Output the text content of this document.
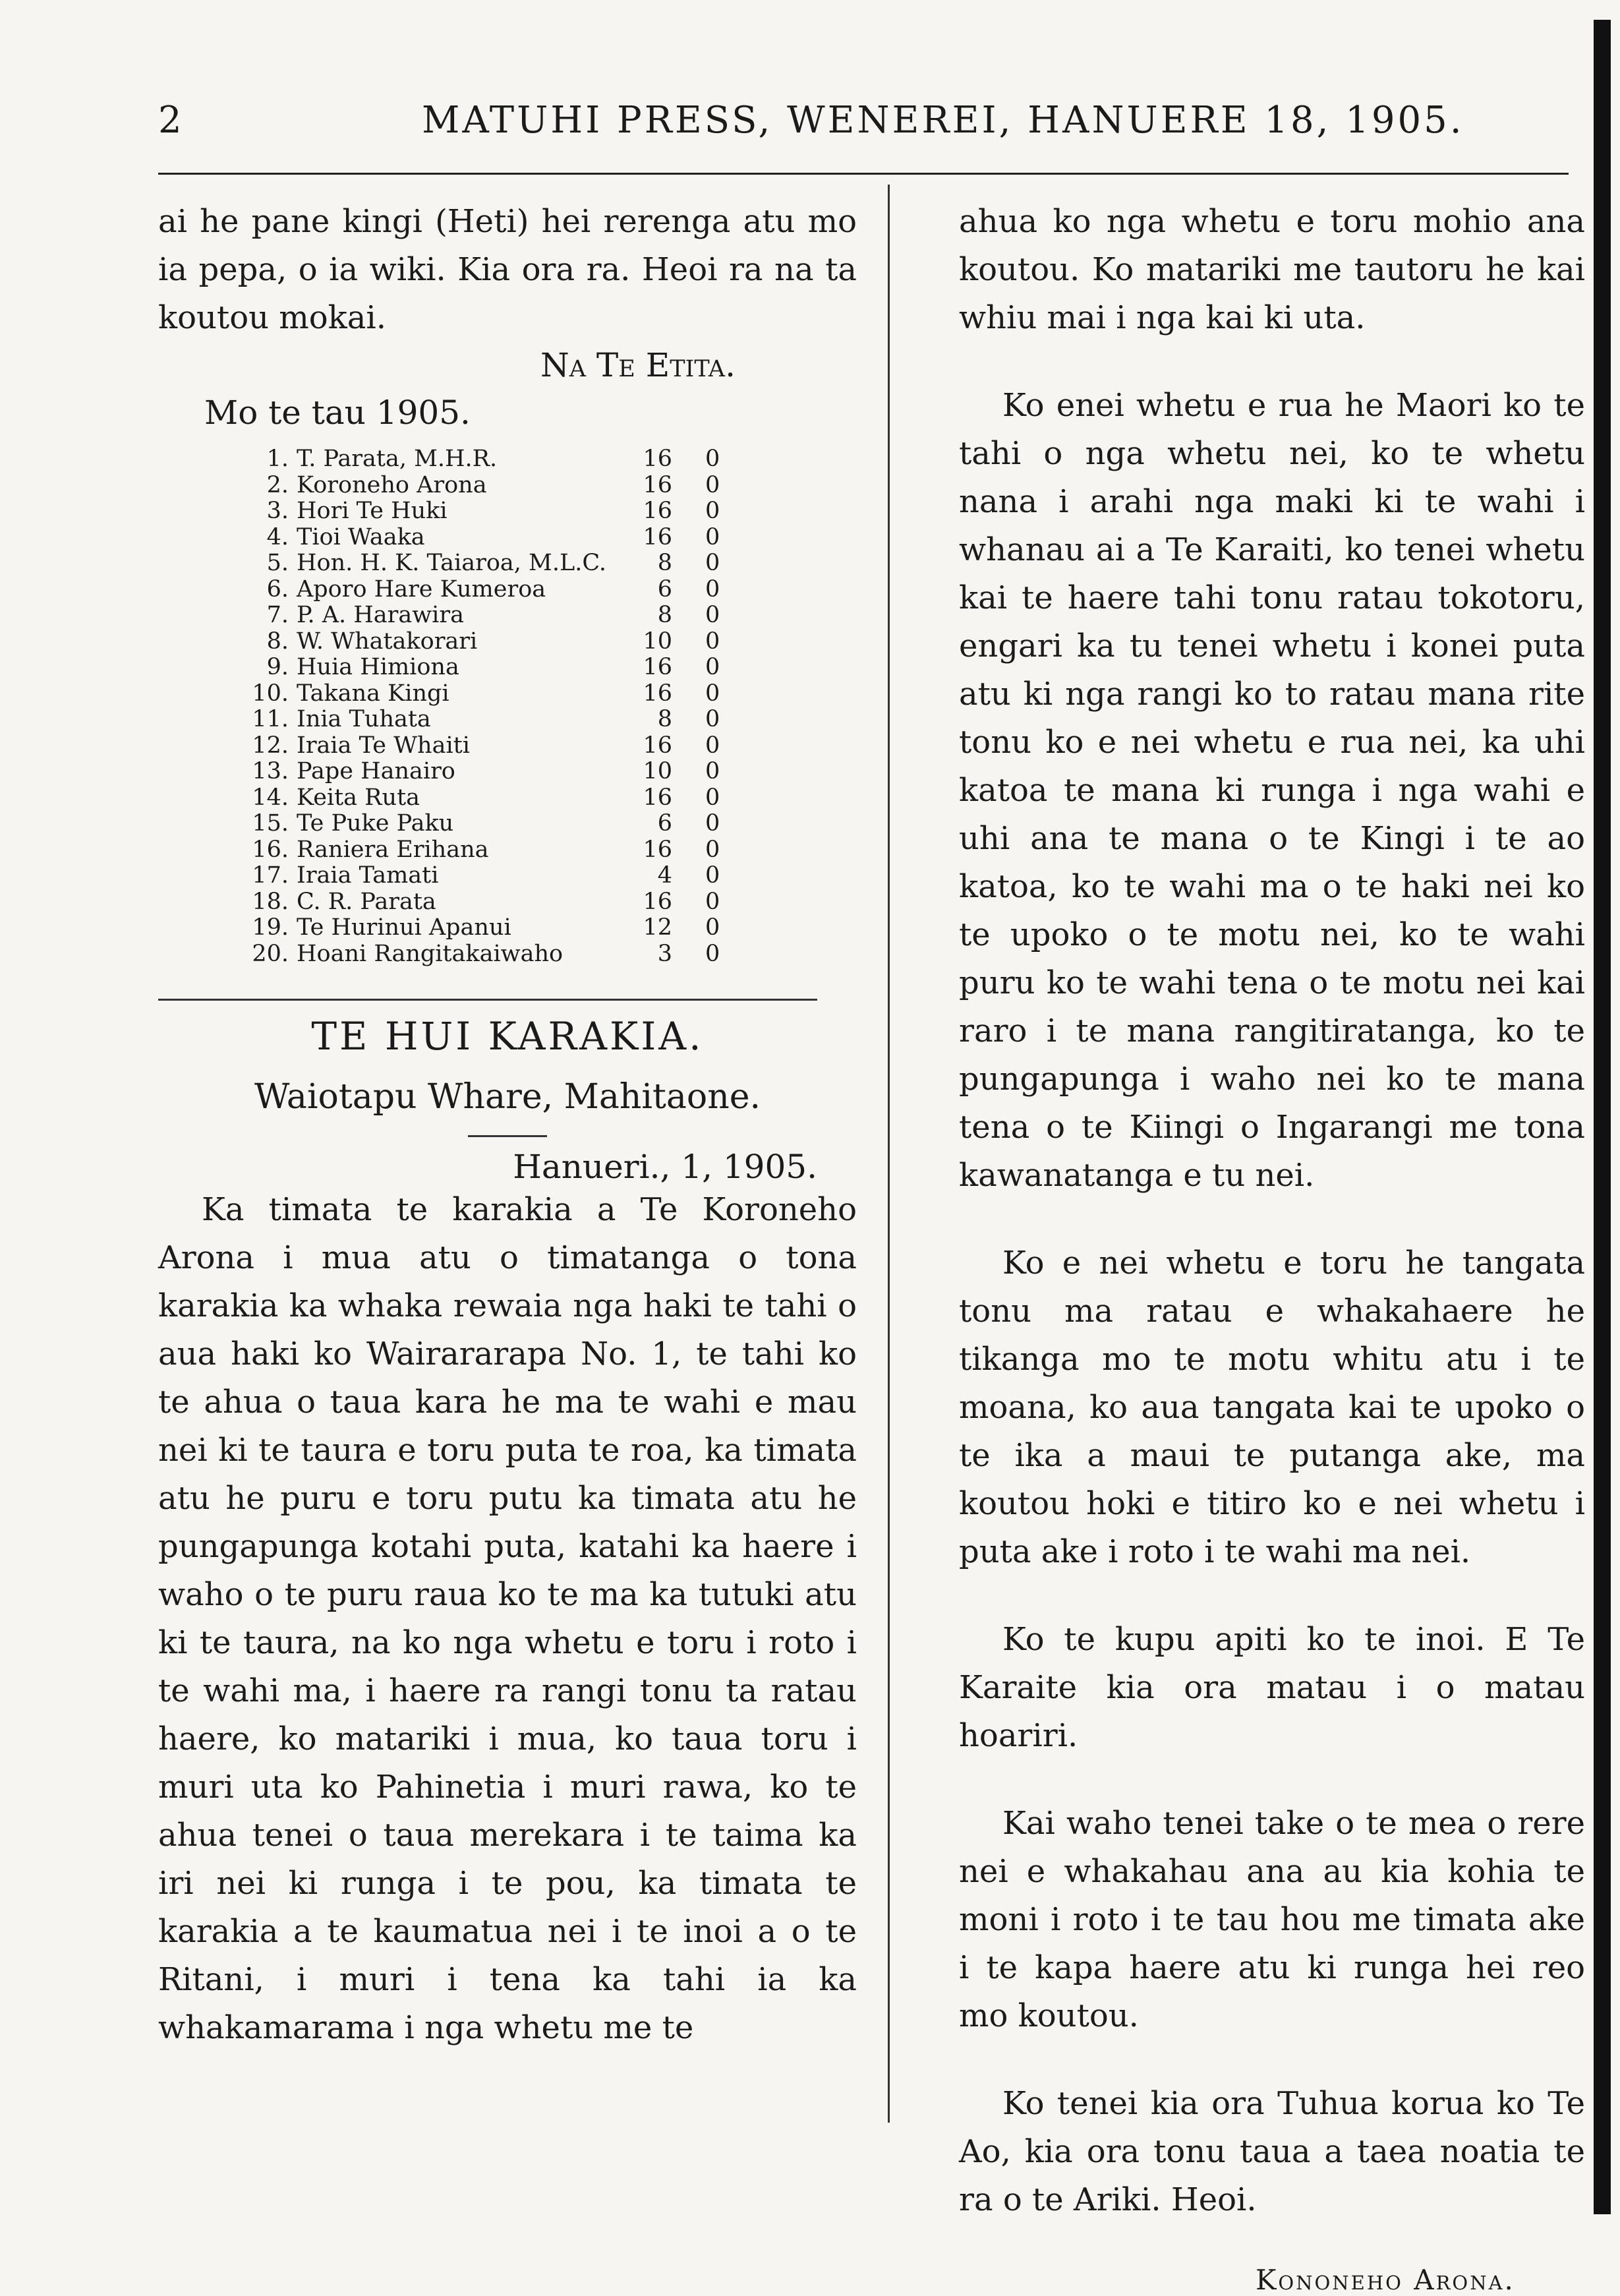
2	MATUHI PRESS, WENEREI, HANUERE 18, 1905.

ai he pane kingi (Heti) hei rerenga atu mo ia pepa, o ia wiki. Kia ora ra. Heoi ra na ta koutou mokai.

Na Te Etita.
Mo te tau 1905.
1. T. Parata, M.H.R.	16 0
2. Koroneho Arona	16 0
3. Hori Te Huki	16 0
4. Tioi Waaka	16 0
5. Hon. H. K. Taiaroa, M.L.C.	8 0
6. Aporo Hare Kumeroa	6 0
7. P. A. Harawira	8 0
8. W. Whatakorari	10 0
9. Huia Himiona	16 0
10. Takana Kingi	16 0
11. Inia Tuhata	8 0
12. Iraia Te Whaiti	16 0
13. Pape Hanairo	10 0
14. Keita Ruta	16 0
15. Te Puke Paku	6 0
16. Raniera Erihana	16 0
17. Iraia Tamati	4 0
18. C. R. Parata	16 0
19. Te Hurinui Apanui	12 0
20. Hoani Rangitakaiwaho	3 0
TE HUI KARAKIA.
Waiotapu Whare, Mahitaone.
Hanueri., 1, 1905.

Ka timata te karakia a Te Koroneho Arona i mua atu o timatanga o tona karakia ka whaka rewaia nga haki te tahi o aua haki ko Wairararapa No. 1, te tahi ko te ahua o taua kara he ma te wahi e mau nei ki te taura e toru puta te roa, ka timata atu he puru e toru putu ka timata atu he pungapunga kotahi puta, katahi ka haere i waho o te puru raua ko te ma ka tutuki atu ki te taura, na ko nga whetu e toru i roto i te wahi ma, i haere ra rangi tonu ta ratau haere, ko matariki i mua, ko taua toru i muri uta ko Pahinetia i muri rawa, ko te ahua tenei o taua merekara i te taima ka iri nei ki runga i te pou, ka timata te karakia a te kaumatua nei i te inoi a o te Ritani, i muri i tena ka tahi ia ka whakamarama i nga whetu me te

ahua ko nga whetu e toru mohio ana koutou. Ko matariki me tautoru he kai whiu mai i nga kai ki uta.

Ko enei whetu e rua he Maori ko te tahi o nga whetu nei, ko te whetu nana i arahi nga maki ki te wahi i whanau ai a Te Karaiti, ko tenei whetu kai te haere tahi tonu ratau tokotoru, engari ka tu tenei whetu i konei puta atu ki nga rangi ko to ratau mana rite tonu ko e nei whetu e rua nei, ka uhi katoa te mana ki runga i nga wahi e uhi ana te mana o te Kingi i te ao katoa, ko te wahi ma o te haki nei ko te upoko o te motu nei, ko te wahi puru ko te wahi tena o te motu nei kai raro i te mana rangitiratanga, ko te pungapunga i waho nei ko te mana tena o te Kiingi o Ingarangi me tona kawanatanga e tu nei.

Ko e nei whetu e toru he tangata tonu ma ratau e whakahaere he tikanga mo te motu whitu atu i te moana, ko aua tangata kai te upoko o te ika a maui te putanga ake, ma koutou hoki e titiro ko e nei whetu i puta ake i roto i te wahi ma nei.

Ko te kupu apiti ko te inoi. E Te Karaite kia ora matau i o matau hoariri.

Kai waho tenei take o te mea o rere nei e whakahau ana au kia kohia te moni i roto i te tau hou me timata ake i te kapa haere atu ki runga hei reo mo koutou.

Ko tenei kia ora Tuhua koruа ko Te Ao, kia ora tonu taua a taea noatia te ra o te Ariki. Heoi.

Kononeho Arona.
